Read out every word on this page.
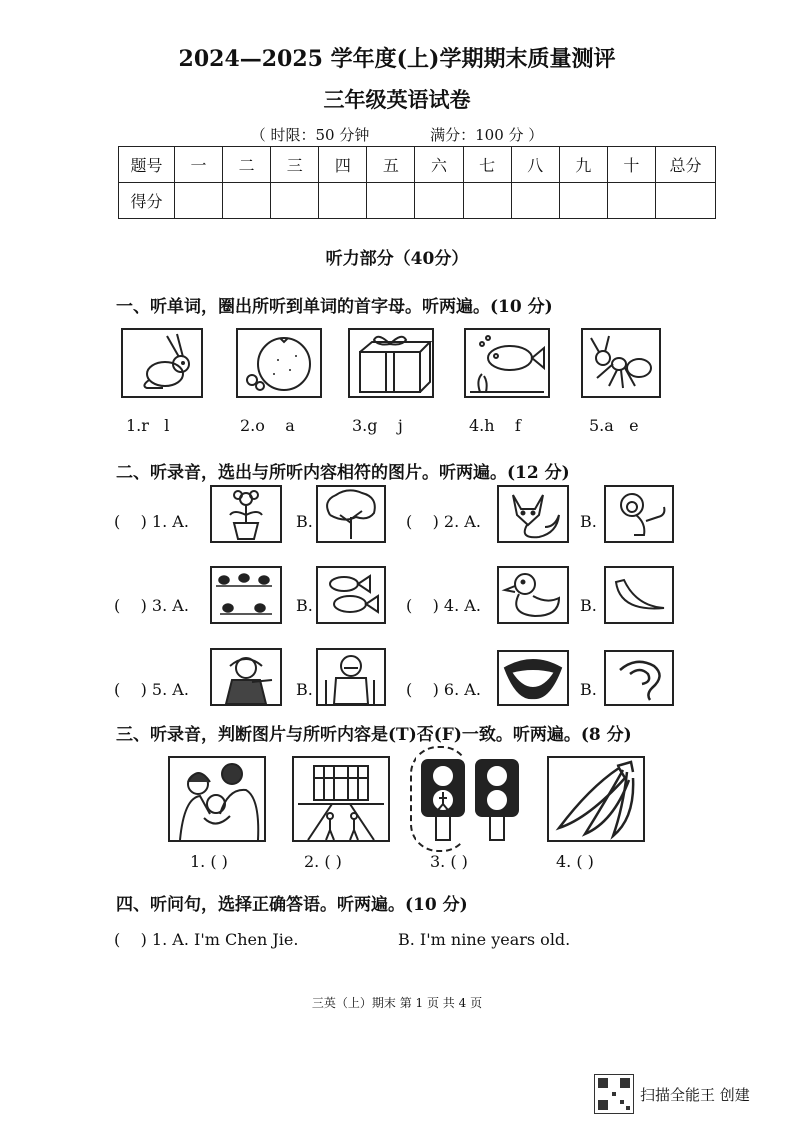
2024—2025 学年度(上)学期期末质量测评
三年级英语试卷
（ 时限：50 分钟	满分：100 分 ）
题号	一	二	三	四	五	六	七	八	九	十	总分
得分											
听力部分（40分）
一、听单词，圈出所听到单词的首字母。听两遍。(10 分)
1.r l	2.o a	3.g j	4.h f	5.a e
二、听录音，选出与所听内容相符的图片。听两遍。(12 分)
( ) 1. A.	B.	( ) 2. A.	B.
( ) 3. A.	B.	( ) 4. A.	B.
( ) 5. A.	B.	( ) 6. A.	B.
三、听录音，判断图片与所听内容是(T)否(F)一致。听两遍。(8 分)
1. ( )	2. ( )	3. ( )	4. ( )
四、听问句，选择正确答语。听两遍。(10 分)
( ) 1. A. I'm Chen Jie.	B. I'm nine years old.
三英（上）期末 第 1 页 共 4 页
扫描全能王 创建
